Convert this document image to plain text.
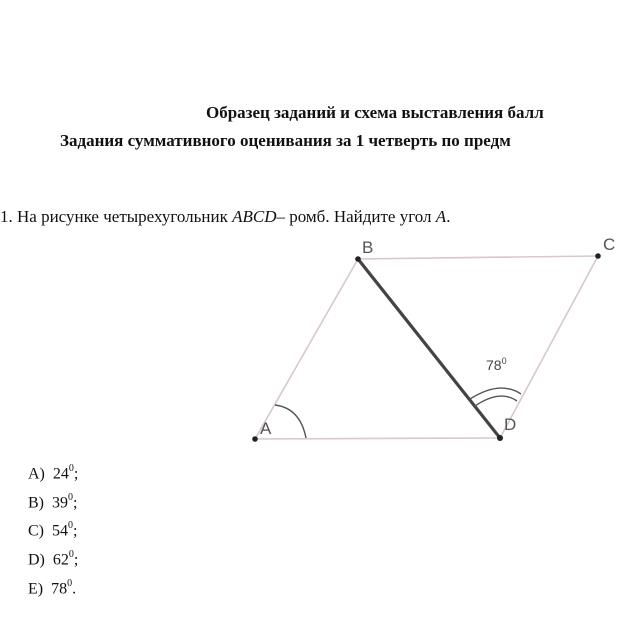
Образец заданий и схема выставления балл
Задания суммативного оценивания за 1 четверть по предм
1. На рисунке четырехугольник ABCD– ромб. Найдите угол A.
A
B	C
D
$78^0$
A) $24^0$;
B) $39^0$;
C) $54^0$;
D) $62^0$;
E) $78^0$.
